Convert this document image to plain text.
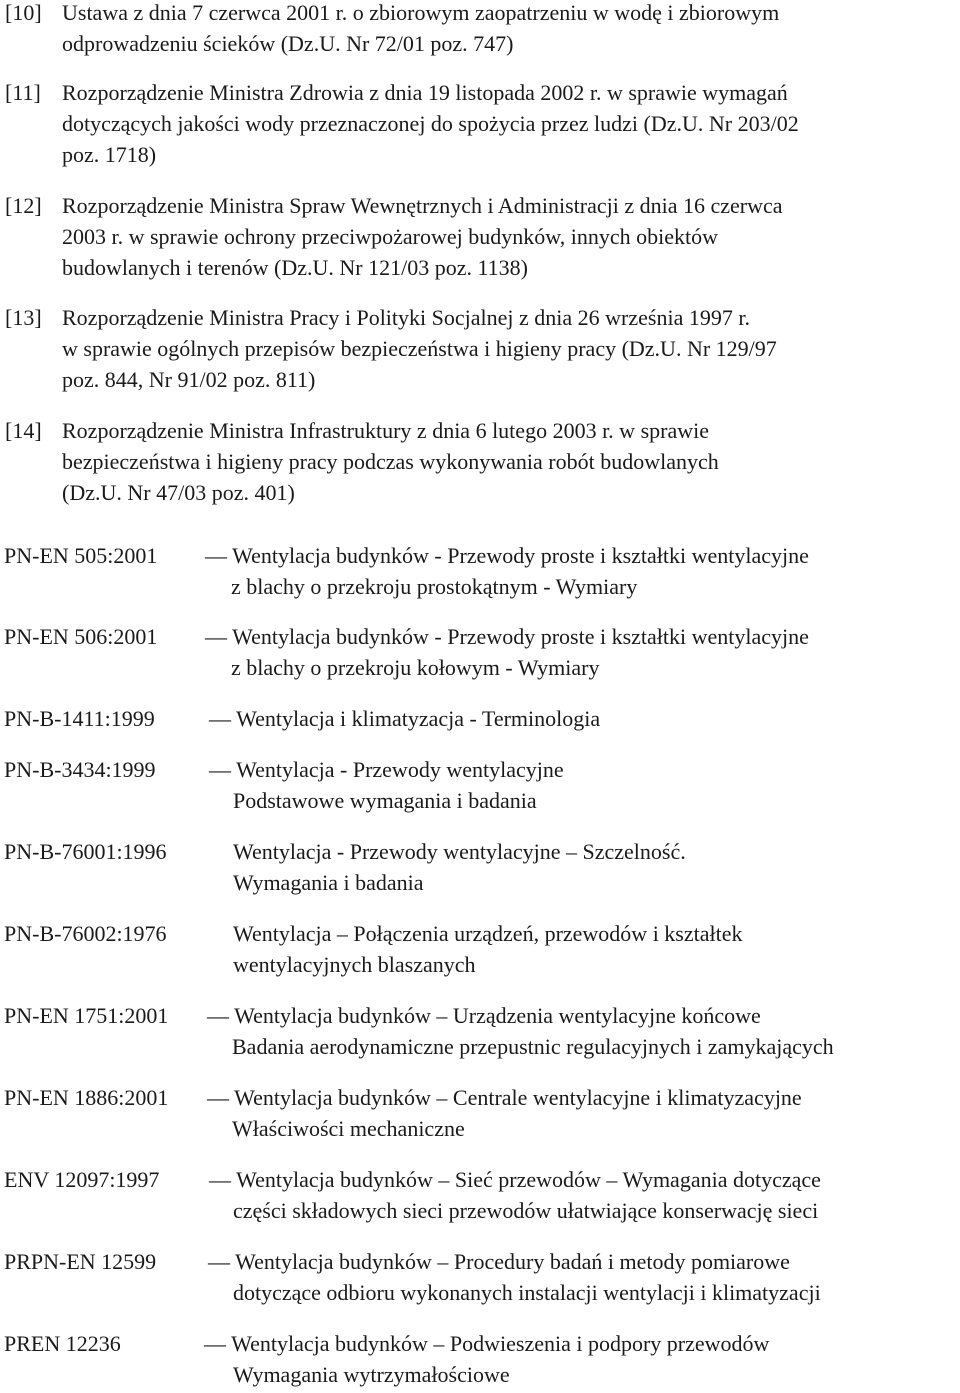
[10] Ustawa z dnia 7 czerwca 2001 r. o zbiorowym zaopatrzeniu w wodę i zbiorowym
odprowadzeniu ścieków (Dz.U. Nr 72/01 poz. 747)
[11] Rozporządzenie Ministra Zdrowia z dnia 19 listopada 2002 r. w sprawie wymagań
dotyczących jakości wody przeznaczonej do spożycia przez ludzi (Dz.U. Nr 203/02
poz. 1718)
[12] Rozporządzenie Ministra Spraw Wewnętrznych i Administracji z dnia 16 czerwca
2003 r. w sprawie ochrony przeciwpożarowej budynków, innych obiektów
budowlanych i terenów (Dz.U. Nr 121/03 poz. 1138)
[13] Rozporządzenie Ministra Pracy i Polityki Socjalnej z dnia 26 września 1997 r.
w sprawie ogólnych przepisów bezpieczeństwa i higieny pracy (Dz.U. Nr 129/97
poz. 844, Nr 91/02 poz. 811)
[14] Rozporządzenie Ministra Infrastruktury z dnia 6 lutego 2003 r. w sprawie
bezpieczeństwa i higieny pracy podczas wykonywania robót budowlanych
(Dz.U. Nr 47/03 poz. 401)
PN-EN 505:2001 — Wentylacja budynków - Przewody proste i kształtki wentylacyjne
z blachy o przekroju prostokątnym - Wymiary
PN-EN 506:2001 — Wentylacja budynków - Przewody proste i kształtki wentylacyjne
z blachy o przekroju kołowym - Wymiary
PN-B-1411:1999 — Wentylacja i klimatyzacja - Terminologia
PN-B-3434:1999 — Wentylacja - Przewody wentylacyjne
Podstawowe wymagania i badania
PN-B-76001:1996	Wentylacja - Przewody wentylacyjne – Szczelność.
Wymagania i badania
PN-B-76002:1976	Wentylacja – Połączenia urządzeń, przewodów i kształtek
wentylacyjnych blaszanych
PN-EN 1751:2001 — Wentylacja budynków – Urządzenia wentylacyjne końcowe
Badania aerodynamiczne przepustnic regulacyjnych i zamykających
PN-EN 1886:2001 — Wentylacja budynków – Centrale wentylacyjne i klimatyzacyjne
Właściwości mechaniczne
ENV 12097:1997 — Wentylacja budynków – Sieć przewodów – Wymagania dotyczące
części składowych sieci przewodów ułatwiające konserwację sieci
PRPN-EN 12599 — Wentylacja budynków – Procedury badań i metody pomiarowe
dotyczące odbioru wykonanych instalacji wentylacji i klimatyzacji
PREN 12236	— Wentylacja budynków – Podwieszenia i podpory przewodów
Wymagania wytrzymałościowe
